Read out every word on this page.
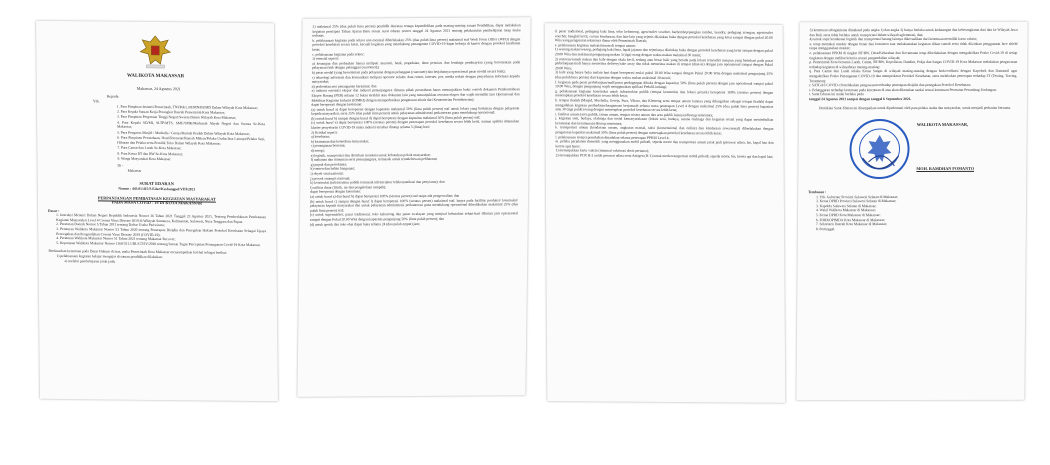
WALIKOTA MAKASSAR
Makassar, 24 Agustus 2021
Kepada
Yth.
1. Para Pimpinan Instansi Pemerintah, TNI/Polri, BUMN/BUMD Dalam Wilayah Kota Makassar;
2. Para Kepala Satuan Kerja Perangkat Daerah Pemerintah Kota Makassar;
3. Para Pimpinan Perguruan Tinggi Negeri/Swasta Dalam Wilayah Kota Makassar;
4. Para Kepala SD/MI, SLTP/MTS, SMU/SMK/Madrasah Aliyah Negeri dan Swasta Se-Kota Makassar;
5. Para Pengurus Masjid / Mushalla / Gereja/Rumah Ibadah Dalam Wilayah Kota Makassar;
6. Para Pimpinan Perusahaan, Hotel/Restoran/Rumah Makan/Pelaku Usaha/Jasa Lainnya/Pelaku Seni, Hiburan dan Pelaku serta Pemilik Toko Dalam Wilayah Kota Makassar;
7. Para Camat dan Lurah Se-Kota Makassar;
8. Para Ketua RT dan RW Se-Kota Makassar;
9. Warga Masyarakat Kota Makassar.
Di -
Makassar
SURAT EDARAN
Nomor : 443.01/415/S.Edar/Kesbangpol/VIII/2021
PERPANJANGAN PEMBATASAN KEGIATAN MASYARAKAT
PADA MASA COVID - 19 DI KOTA MAKASSAR
Dasar :
1. Instruksi Menteri Dalam Negeri Republik Indonesia Nomor 36 Tahun 2021 Tanggal 23 Agustus 2021, Tentang Pemberlakuan Pembatasan Kegiatan Masyarakat Level 4 Corona Virus Disease 2019 di Wilayah Sumatera, Kalimantan, Sulawesi, Nusa Tenggara dan Papua.
2. Peraturan Daerah Nomor 5 Tahun 2011 tentang Daftar Usaha Pariwisata;
3. Peraturan Walikota Makassar Nomor 53 Tahun 2020 tentang Penerapan Disiplin dan Penegakan Hukum Protokol Kesehatan Sebagai Upaya Pencegahan dan Pengendalian Corona Virus Disease 2019 (COVID-19);
4. Peraturan Walikota Makassar Nomor 51 Tahun 2021 tentang Makassar Recover;
5. Keputusan Walikota Makassar Nomor 1160/331.1/BL/GT/IV/2020 tentang Satuan Tugas Percepatan Penanganan Covid-19 Kota Makassar.
Berdasarkan ketentuan pada Dasar Hukum di atas, maka Pemerintah Kota Makassar menyampaikan hal-hal sebagai berikut:
1) pelaksanaan kegiatan belajar mengajar di satuan pendidikan dilakukan:
a) melalui pembelajaran jarak jauh;
2) maksimal 25% (dua puluh lima persen) pendidik dan/atau tenaga kependidikan pada masing-masing satuan Pendidikan, dapat melakukan kegiatan persiapan Tahun Ajaran Baru sesuai surat edaran nomor tanggal 24 Agustus 2021 tentang pelaksanaan pembelajaran tatap muka terbatas.
b. pelaksanaan kegiatan pada sektor non esensial diberlakukan 25% (dua puluh lima persen) maksimal staf Work From Office (WFO) dengan protokol kesehatan secara ketat, kecuali kegiatan yang mendukung penanganan COVID-19 dapat bekerja di kantor dengan protokol kesehatan ketat;
c. pelaksanaan kegiatan pada sektor:
1) esensial seperti:
a) keuangan dan perbankan hanya meliputi asuransi, bank, pegadaian, dana pensiun, dan lembaga pembiayaan (yang berorientasi pada pelayanan fisik dengan pelanggan (customer));
b) pasar modal (yang berorientasi pada pelayanan dengan pelanggan (customer) dan berjalannya operasional pasar modal secara baik);
c) teknologi informasi dan komunikasi meliputi operator seluler, data center, internet, pos, media terkait dengan penyebaran informasi kepada masyarakat;
d) perhotelan non penanganan karantina; dan
e) industri orientasi ekspor dan industri penunjangnya dimana pihak perusahaan harus menunjukkan bukti contoh dokumen Pemberitahuan Ekspor Barang (PEB) selama 12 bulan terakhir atau dokumen lain yang menunjukkan rencana ekspor dan wajib memiliki Izin Operasional dan Mobilitas Kegiatan Industri (IOMKI) dengan memperhatikan pengaturan teknis dari Kementerian Perindustrian);
dapat beroperasi dengan ketentuan:
(a) untuk huruf a) dapat beroperasi dengan kapasitas maksimal 50% (lima puluh persen) staf untuk lokasi yang berkaitan dengan pelayanan kepada masyarakat, serta 25% (dua puluh lima persen) untuk pelayanan administrasi perkantoran guna mendukung operasional;
(b) untuk huruf b) sampai dengan huruf d) dapat beroperasi dengan kapasitas maksimal 50% (lima puluh persen) staf;
(c) untuk huruf e) dapat beroperasi 100% (seratus persen) dengan penerapan protokol kesehatan secara lebih ketat, namun apabila ditemukan klaster penyebaran COVID-19 maka industri tersebut ditutup selama 5 (lima) hari;
2) Kritikal seperti:
a) kesehatan;
b) keamanan dan ketertiban masyarakat;
c) penanganan bencana;
d) energi;
e) logistik, transportasi dan distribusi terutama untuk kebutuhan pokok masyarakat;
f) makanan dan minuman serta penunjangnya, termasuk untuk ternak/hewan peliharaan;
g) pupuk dan petrokimia;
h) semen dan bahan bangunan;
i) obyek vital nasional;
j) proyek strategis nasional;
k) konstruksi (infrastruktur publik termasuk infrastruktur telekomunikasi dan penyiaran); dan
l) utilitas dasar (listrik, air dan pengelolaan sampah);
dapat beroperasi dengan ketentuan:
(a) untuk huruf a) dan huruf b) dapat beroperasi 100% (seratus persen) staf tanpa ada pengecualian; dan
(b) untuk huruf c) sampai dengan huruf l) dapat beroperasi 100% (seratus persen) maksimal staf, hanya pada fasilitas produksi/ konstruksi/ pelayanan kepada masyarakat dan untuk pelayanan administrasi perkantoran guna mendukung operasional diberlakukan maksimal 25% (dua puluh lima persen) staf;
(c) untuk supermarket, pasar tradisional, toko kelontong dan pasar swalayan yang menjual kebutuhan sehari-hari dibatasi jam operasional sampai dengan Pukul 20.00 Wita dengan kapasitas pengunjung 50% (lima puluh persen); dan
(d) untuk apotik dan toko obat dapat buka selama 24 (dua puluh empat) jam;
d. pasar tradisional, pedagang kaki lima, toko kelontong, agen/outlet voucher, barbershop/pangkas rambut, laundry, pedagang asongan, agen/outlet voucher, bengkel kecil, cucian kendaraan, dan lain-lain yang sejenis diizinkan buka dengan protokol kesehatan yang ketat sampai dengan pukul 20.00 Wita yang pengaturan teknisnya diatur oleh Pemerintah Daerah;
e. pelaksanaan kegiatan makan/minum di tempat umum:
1) warung makan/warteg, pedagang kaki lima, lapak jajanan dan sejenisnya diizinkan buka dengan protokol kesehatan yang ketat sampai dengan pukul 20.00 Wita dan maksimal pengunjung makan 3 (tiga) orang dengan waktu makan maksimal 30 menit;
2) restoran/rumah makan dan kafe dengan skala kecil, sedang atau besar baik yang berada pada lokasi tersendiri maupun yang berlokasi pada pusat perbelanjaan/mall hanya menerima delivery/take away dan tidak menerima makan di tempat (dine-in) dengan jam operasional sampai dengan Pukul 20.00 Wita;
3) kafe yang hanya buka malam hari dapat beroperasi mulai pukul 18.00 Wita sampai dengan Pukul 20.00 Wita dengan maksimal pengunjung 25% (dua puluh lima persen) dari kapasitas dengan waktu makan maksimal 30 menit;
f. kegiatan pada pusat perbelanjaan/mall/pusat perdagangan dibuka dengan kapasitas 50% (lima puluh persen) dengan jam operasional sampai pukul 19.00 Wita, dengan pengunjung wajib menggunakan aplikasi PeduliLindungi;
g. pelaksanaan kegiatan konstruksi untuk infrastruktur publik (tempat konstruksi dan lokasi proyek) beroperasi 100% (seratus persen) dengan menerapkan protokol kesehatan secara lebih ketat;
h. tempat ibadah (Masjid, Mushalla, Gereja, Pura, Vihara, dan Klenteng serta tempat umum lainnya yang difungsikan sebagai tempat ibadah) dapat mengadakan kegiatan peribadatan/keagamaan berjamaah selama masa penerapan Level 4 dengan maksimal 25% (dua puluh lima persen) kapasitas atau 30 (tiga puluh) orang dengan menerapkan protokol kesehatan secara lebih ketat;
i. fasilitas umum (area publik, taman umum, tempat wisata umum dan area publik lainnya) ditutup sementara;
j. kegiatan seni, budaya, olahraga dan sosial kemasyarakatan (lokasi seni, budaya, sarana olahraga dan kegiatan sosial yang dapat menimbulkan keramaian dan kerumunan) ditutup sementara;
k. transportasi umum (kendaraan umum, angkutan massal, taksi (konvensional dan online) dan kendaraan sewa/rental) diberlakukan dengan pengaturan kapasitas maksimal 50% (lima puluh persen) dengan menerapkan protokol kesehatan secara lebih ketat;
l. pelaksanaan resepsi pernikahan ditiadakan selama penerapan PPKM Level 4;
m. pelaku perjalanan domestik yang menggunakan mobil pribadi, sepeda motor dan transportasi umum jarak jauh (pesawat udara, bis, kapal laut dan kereta api) harus:
1) menunjukkan kartu vaksin (minimal vaksinasi dosis pertama);
2) menunjukkan PCR H-2 untuk pesawat udara serta Antigen (H-1) untuk moda transportasi mobil pribadi, sepeda motor, bis, kereta api dan kapal laut;
3) ketentuan sebagaimana dimaksud pada angka 1) dan angka 2) hanya berlaku untuk kedatangan dan keberangkatan dari dan ke Wilayah Jawa dan Bali, serta tidak berlaku untuk transportasi dalam wilayah aglomerasi, dan;
4) untuk sopir kendaraan logistik dan transportasi barang lainnya dikecualikan dari ketentuan memiliki kartu vaksin;
n. tetap memakai masker dengan benar dan konsisten saat melaksanakan kegiatan diluar rumah serta tidak diizinkan penggunaan face shield tanpa menggunakan masker;
o. pelaksanaan PPKM di tingkat RT/RW, Desa/Kelurahan dan Kecamatan tetap diberlakukan dengan mengaktifkan Posko Covid-19 di setiap tingkatan dengan melihat kriteria zonasi pengendalian wilayah;
p. Pemerintah Kota bersama Lurah, Camat, RT/RW, Kepolisian, Dandim, Pokja dan Satgas COVID-19 Kota Makassar melakukan pengawasan terhadap kegiatan di wilayahnya masing-masing;
q. Para Camat dan Lurah selaku Ketua Satgas di wilayah masing-masing dengan berkoordinasi dengan Kapolsek dan Danramil agar mengaktifkan Posko Penanganan COVID-19 dan memperketat Protokol Kesehatan, serta melakukan penerapan terhadap 3T (Testing, Tracing, Treatment);
r. SATGAS COVID-19 melakukan pengawasan terhadap penerapan disiplin dan penegakan Protokol Kesehatan;
s. Pelanggaran terhadap ketentuan pada ketentuan di atas akan dikenakan sanksi sesuai ketentuan Peraturan Perundang-Undangan;
t. Surat Edaran ini mulai berlaku pada
tanggal 24 Agustus 2021 sampai dengan tanggal 6 September 2021.
Demikian Surat Edaran ini disampaikan untuk dipedomani oleh para pelaku usaha dan masyarakat, untuk menjadi perhatian bersama.
WALIKOTA MAKASSAR,
MOH. RAMDHAN POMANTO
Tembusan :
1. Yth. Gubernur Provinsi Sulawesi Selatan di Makassar;
2. Ketua DPRD Provinsi Sulawesi Selatan di Makassar;
3. Kapolda Sulawesi Selatan di Makassar;
4. Wakil Walikota Makassar di Makassar;
5. Ketua DPRD Kota Makassar di Makassar;
6. FORKOPIMDA Kota Makassar di Makassar;
7. Sekretaris Daerah Kota Makassar di Makassar;
8. Pertinggal.
